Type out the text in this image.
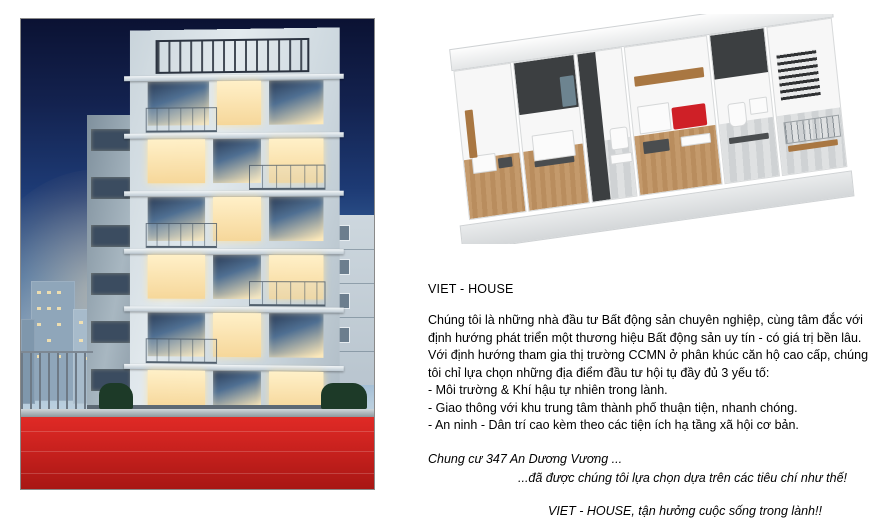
VIET - HOUSE

Chúng tôi là những nhà đầu tư Bất động sản chuyên nghiệp, cùng tâm đắc với
định hướng phát triển một thương hiệu Bất động sản uy tín - có giá trị bền lâu.
Với định hướng tham gia thị trường CCMN ở phân khúc căn hộ cao cấp, chúng
tôi chỉ lựa chọn những địa điểm đầu tư hội tụ đầy đủ 3 yếu tố:

- Môi trường & Khí hậu tự nhiên trong lành.
- Giao thông với khu trung tâm thành phố thuận tiện, nhanh chóng.
- An ninh - Dân trí cao kèm theo các tiện ích hạ tầng xã hội cơ bản.
Chung cư 347 An Dương Vương ...
...đã được chúng tôi lựa chọn dựa trên các tiêu chí như thế!
VIET - HOUSE, tận hưởng cuộc sống trong lành!!
